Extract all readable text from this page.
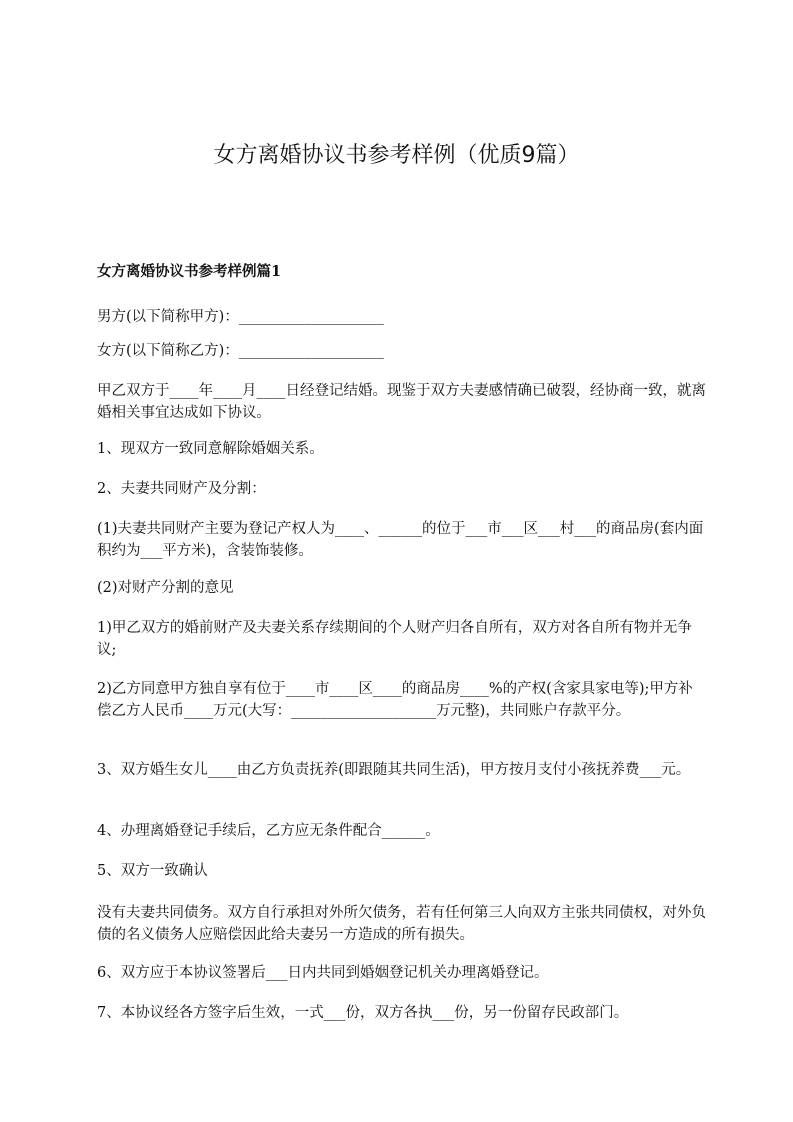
女方离婚协议书参考样例（优质9篇）
女方离婚协议书参考样例篇1
男方(以下简称甲方)：____________________
女方(以下简称乙方)：____________________
甲乙双方于____年____月____日经登记结婚。现鉴于双方夫妻感情确已破裂，经协商一致，就离婚相关事宜达成如下协议。
1、现双方一致同意解除婚姻关系。
2、夫妻共同财产及分割：
(1)夫妻共同财产主要为登记产权人为____、______的位于___市___区___村___的商品房(套内面积约为___平方米)，含装饰装修。
(2)对财产分割的意见
1)甲乙双方的婚前财产及夫妻关系存续期间的个人财产归各自所有，双方对各自所有物并无争议;
2)乙方同意甲方独自享有位于____市____区____的商品房____%的产权(含家具家电等);甲方补偿乙方人民币____万元(大写：____________________万元整)，共同账户存款平分。
3、双方婚生女儿____由乙方负责抚养(即跟随其共同生活)，甲方按月支付小孩抚养费___元。
4、办理离婚登记手续后，乙方应无条件配合______。
5、双方一致确认
没有夫妻共同债务。双方自行承担对外所欠债务，若有任何第三人向双方主张共同债权，对外负债的名义债务人应赔偿因此给夫妻另一方造成的所有损失。
6、双方应于本协议签署后___日内共同到婚姻登记机关办理离婚登记。
7、本协议经各方签字后生效，一式___份，双方各执___份，另一份留存民政部门。
